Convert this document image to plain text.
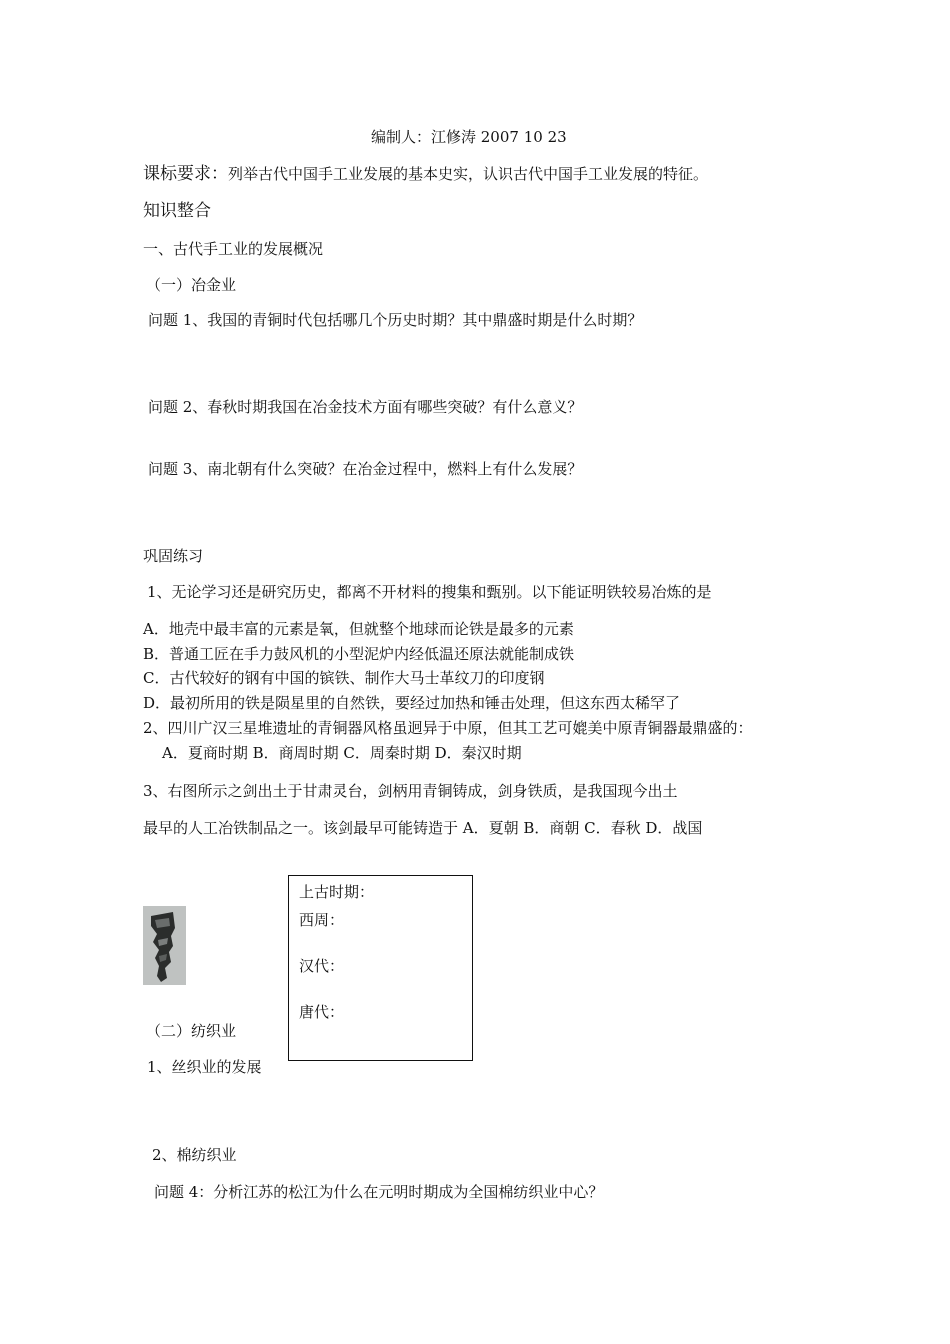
编制人：江修涛 2007 10 23
课标要求：列举古代中国手工业发展的基本史实，认识古代中国手工业发展的特征。
知识整合
一、古代手工业的发展概况
（一）冶金业
问题 1、我国的青铜时代包括哪几个历史时期？其中鼎盛时期是什么时期？
问题 2、春秋时期我国在冶金技术方面有哪些突破？有什么意义？
问题 3、南北朝有什么突破？在冶金过程中，燃料上有什么发展？
巩固练习
1、无论学习还是研究历史，都离不开材料的搜集和甄别。以下能证明铁较易冶炼的是
A．地壳中最丰富的元素是氧，但就整个地球而论铁是最多的元素
B．普通工匠在手力鼓风机的小型泥炉内经低温还原法就能制成铁
C．古代较好的钢有中国的镔铁、制作大马士革纹刀的印度钢
D．最初所用的铁是陨星里的自然铁，要经过加热和锤击处理，但这东西太稀罕了
2、四川广汉三星堆遗址的青铜器风格虽迥异于中原，但其工艺可媲美中原青铜器最鼎盛的：
A．夏商时期 B．商周时期 C．周秦时期 D．秦汉时期
3、右图所示之剑出土于甘肃灵台，剑柄用青铜铸成，剑身铁质，是我国现今出土
最早的人工冶铁制品之一。该剑最早可能铸造于 A．夏朝 B．商朝 C．春秋 D．战国
上古时期：
西周：
汉代：
唐代：
（二）纺织业
1、丝织业的发展
2、棉纺织业
问题 4：分析江苏的松江为什么在元明时期成为全国棉纺织业中心？
